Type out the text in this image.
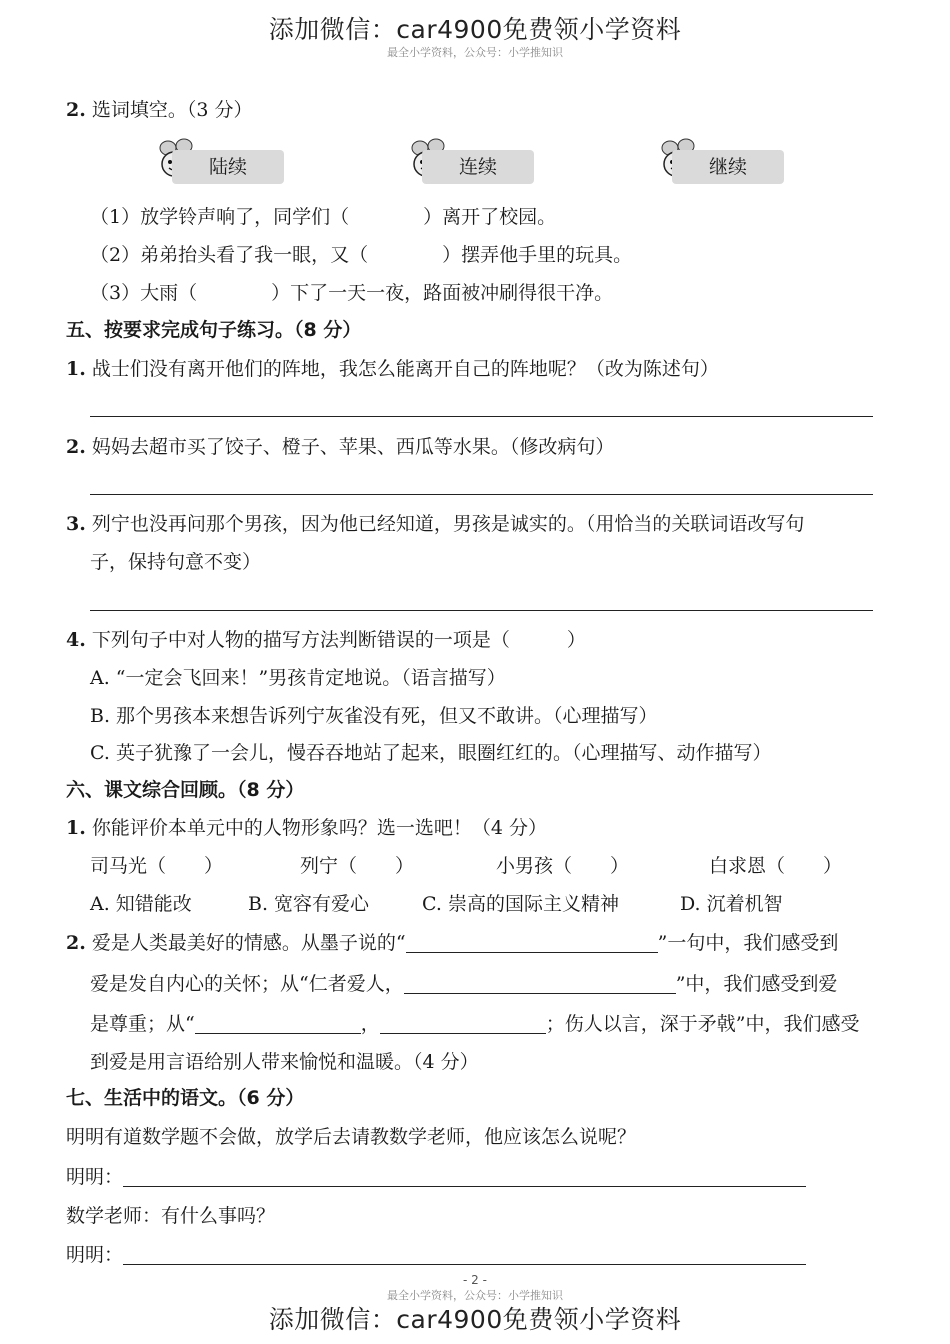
添加微信：car4900免费领小学资料
最全小学资料，公众号：小学推知识
2. 选词填空。（3 分）
陆续	连续	继续
（1）放学铃声响了，同学们（	）离开了校园。
（2）弟弟抬头看了我一眼，又（	）摆弄他手里的玩具。
（3）大雨（	）下了一天一夜，路面被冲刷得很干净。
五、按要求完成句子练习。（8 分）
1. 战士们没有离开他们的阵地，我怎么能离开自己的阵地呢？（改为陈述句）
2. 妈妈去超市买了饺子、橙子、苹果、西瓜等水果。（修改病句）
3. 列宁也没再问那个男孩，因为他已经知道，男孩是诚实的。（用恰当的关联词语改写句
子，保持句意不变）
4. 下列句子中对人物的描写方法判断错误的一项是（　　　）
A. “一定会飞回来！”男孩肯定地说。（语言描写）
B. 那个男孩本来想告诉列宁灰雀没有死，但又不敢讲。（心理描写）
C. 英子犹豫了一会儿，慢吞吞地站了起来，眼圈红红的。（心理描写、动作描写）
六、课文综合回顾。（8 分）
1. 你能评价本单元中的人物形象吗？选一选吧！（4 分）
司马光（　　）	列宁（　　）	小男孩（　　）	白求恩（　　）
A. 知错能改	B. 宽容有爱心	C. 崇高的国际主义精神	D. 沉着机智
2. 爱是人类最美好的情感。从墨子说的“	”一句中，我们感受到
爱是发自内心的关怀；从“仁者爱人，	”中，我们感受到爱
是尊重；从“	，	；伤人以言，深于矛戟”中，我们感受
到爱是用言语给别人带来愉悦和温暖。（4 分）
七、生活中的语文。（6 分）
明明有道数学题不会做，放学后去请教数学老师，他应该怎么说呢？
明明：
数学老师：有什么事吗？
明明：
- 2 -
最全小学资料，公众号：小学推知识
添加微信：car4900免费领小学资料
